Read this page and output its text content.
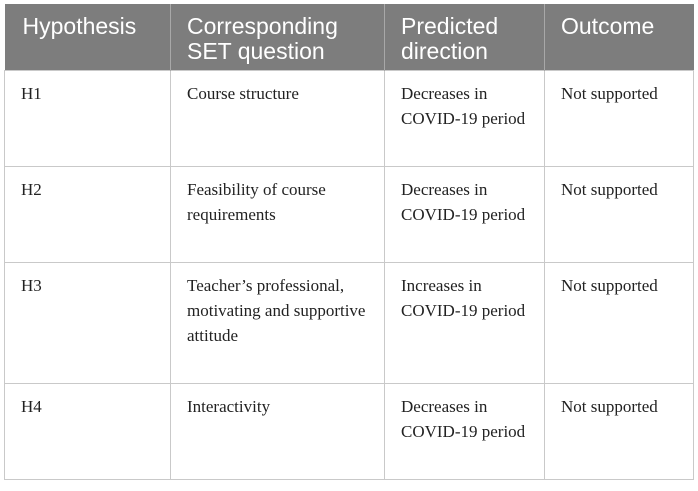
Hypothesis	Corresponding SET question	Predicted direction	Outcome
H1	Course structure	Decreases in COVID-19 period	Not supported
H2	Feasibility of course requirements	Decreases in COVID-19 period	Not supported
H3	Teacher’s professional, motivating and supportive attitude	Increases in COVID-19 period	Not supported
H4	Interactivity	Decreases in COVID-19 period	Not supported
